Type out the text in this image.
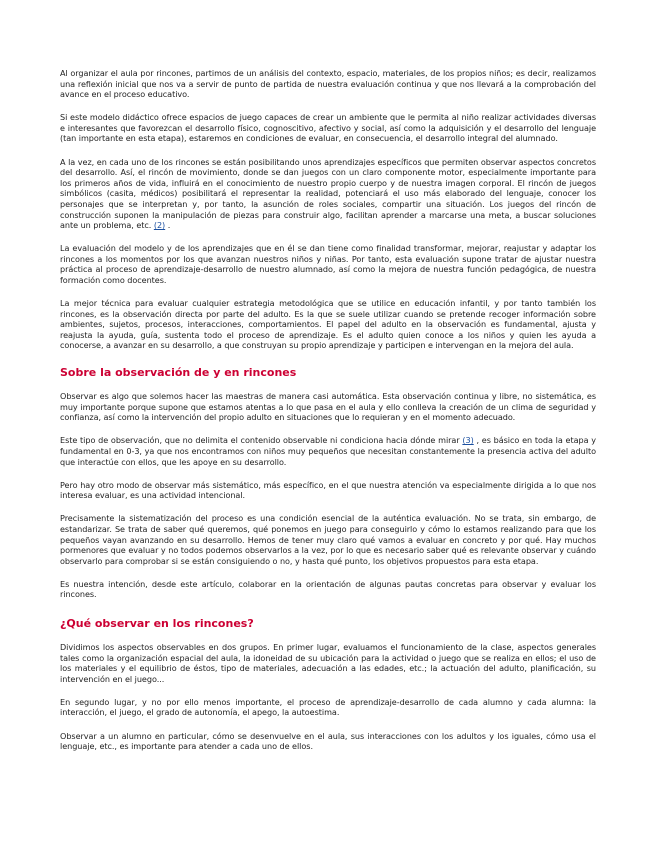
Al organizar el aula por rincones, partimos de un análisis del contexto, espacio, materiales, de los propios niños; es decir, realizamos una reflexión inicial que nos va a servir de punto de partida de nuestra evaluación continua y que nos llevará a la comprobación del avance en el proceso educativo.

Si este modelo didáctico ofrece espacios de juego capaces de crear un ambiente que le permita al niño realizar actividades diversas e interesantes que favorezcan el desarrollo físico, cognoscitivo, afectivo y social, así como la adquisición y el desarrollo del lenguaje (tan importante en esta etapa), estaremos en condiciones de evaluar, en consecuencia, el desarrollo integral del alumnado.

A la vez, en cada uno de los rincones se están posibilitando unos aprendizajes específicos que permiten observar aspectos concretos del desarrollo. Así, el rincón de movimiento, donde se dan juegos con un claro componente motor, especialmente importante para los primeros años de vida, influirá en el conocimiento de nuestro propio cuerpo y de nuestra imagen corporal. El rincón de juegos simbólicos (casita, médicos) posibilitará el representar la realidad, potenciará el uso más elaborado del lenguaje, conocer los personajes que se interpretan y, por tanto, la asunción de roles sociales, compartir una situación. Los juegos del rincón de construcción suponen la manipulación de piezas para construir algo, facilitan aprender a marcarse una meta, a buscar soluciones ante un problema, etc. (2) .

La evaluación del modelo y de los aprendizajes que en él se dan tiene como finalidad transformar, mejorar, reajustar y adaptar los rincones a los momentos por los que avanzan nuestros niños y niñas. Por tanto, esta evaluación supone tratar de ajustar nuestra práctica al proceso de aprendizaje-desarrollo de nuestro alumnado, así como la mejora de nuestra función pedagógica, de nuestra formación como docentes.

La mejor técnica para evaluar cualquier estrategia metodológica que se utilice en educación infantil, y por tanto también los rincones, es la observación directa por parte del adulto. Es la que se suele utilizar cuando se pretende recoger información sobre ambientes, sujetos, procesos, interacciones, comportamientos. El papel del adulto en la observación es fundamental, ajusta y reajusta la ayuda, guía, sustenta todo el proceso de aprendizaje. Es el adulto quien conoce a los niños y quien les ayuda a conocerse, a avanzar en su desarrollo, a que construyan su propio aprendizaje y participen e intervengan en la mejora del aula.

Sobre la observación de y en rincones

Observar es algo que solemos hacer las maestras de manera casi automática. Esta observación continua y libre, no sistemática, es muy importante porque supone que estamos atentas a lo que pasa en el aula y ello conlleva la creación de un clima de seguridad y confianza, así como la intervención del propio adulto en situaciones que lo requieran y en el momento adecuado.

Este tipo de observación, que no delimita el contenido observable ni condiciona hacia dónde mirar (3) , es básico en toda la etapa y fundamental en 0-3, ya que nos encontramos con niños muy pequeños que necesitan constantemente la presencia activa del adulto que interactúe con ellos, que les apoye en su desarrollo.

Pero hay otro modo de observar más sistemático, más específico, en el que nuestra atención va especialmente dirigida a lo que nos interesa evaluar, es una actividad intencional.

Precisamente la sistematización del proceso es una condición esencial de la auténtica evaluación. No se trata, sin embargo, de estandarizar. Se trata de saber qué queremos, qué ponemos en juego para conseguirlo y cómo lo estamos realizando para que los pequeños vayan avanzando en su desarrollo. Hemos de tener muy claro qué vamos a evaluar en concreto y por qué. Hay muchos pormenores que evaluar y no todos podemos observarlos a la vez, por lo que es necesario saber qué es relevante observar y cuándo observarlo para comprobar si se están consiguiendo o no, y hasta qué punto, los objetivos propuestos para esta etapa.

Es nuestra intención, desde este artículo, colaborar en la orientación de algunas pautas concretas para observar y evaluar los rincones.

¿Qué observar en los rincones?

Dividimos los aspectos observables en dos grupos. En primer lugar, evaluamos el funcionamiento de la clase, aspectos generales tales como la organización espacial del aula, la idoneidad de su ubicación para la actividad o juego que se realiza en ellos; el uso de los materiales y el equilibrio de éstos, tipo de materiales, adecuación a las edades, etc.; la actuación del adulto, planificación, su intervención en el juego...

En segundo lugar, y no por ello menos importante, el proceso de aprendizaje-desarrollo de cada alumno y cada alumna: la interacción, el juego, el grado de autonomía, el apego, la autoestima.

Observar a un alumno en particular, cómo se desenvuelve en el aula, sus interacciones con los adultos y los iguales, cómo usa el lenguaje, etc., es importante para atender a cada uno de ellos.
